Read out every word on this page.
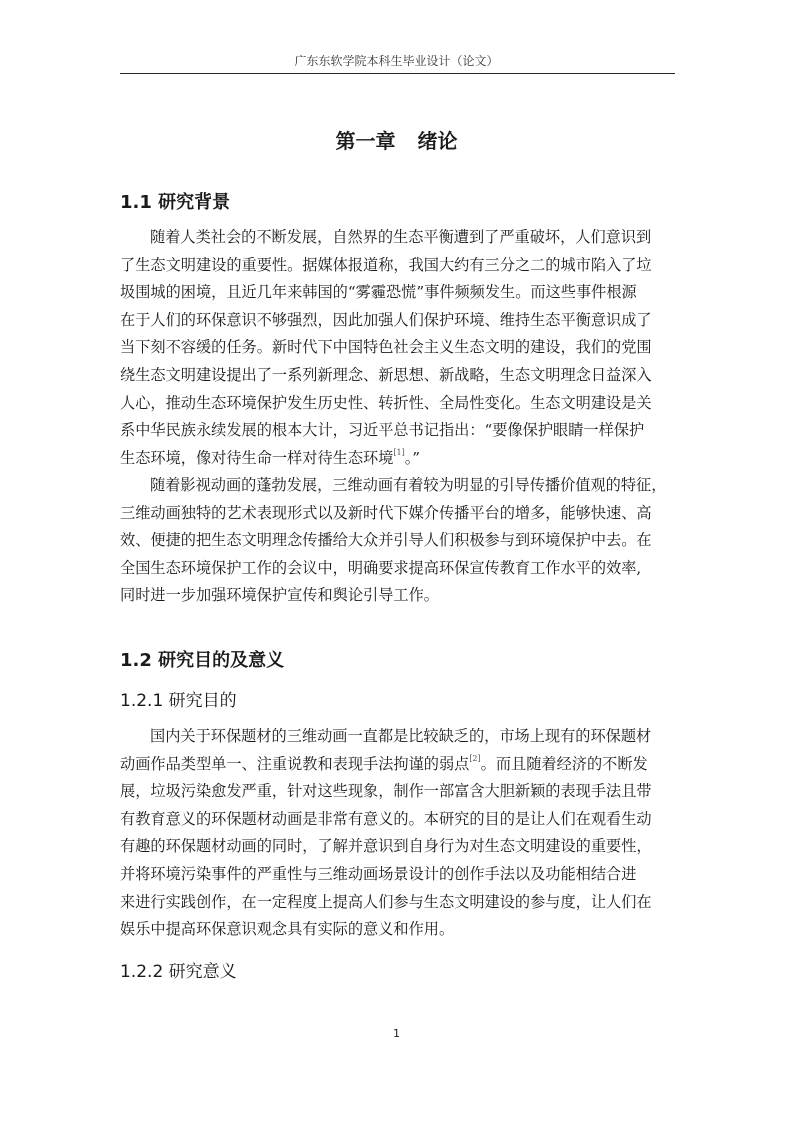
广东东软学院本科生毕业设计（论文）
第一章 绪论
1.1 研究背景

随着人类社会的不断发展，自然界的生态平衡遭到了严重破坏，人们意识到
了生态文明建设的重要性。据媒体报道称，我国大约有三分之二的城市陷入了垃
圾围城的困境，且近几年来韩国的“雾霾恐慌”事件频频发生。而这些事件根源
在于人们的环保意识不够强烈，因此加强人们保护环境、维持生态平衡意识成了
当下刻不容缓的任务。新时代下中国特色社会主义生态文明的建设，我们的党围
绕生态文明建设提出了一系列新理念、新思想、新战略，生态文明理念日益深入
人心，推动生态环境保护发生历史性、转折性、全局性变化。生态文明建设是关
系中华民族永续发展的根本大计，习近平总书记指出：“要像保护眼睛一样保护
生态环境，像对待生命一样对待生态环境[1]。”

随着影视动画的蓬勃发展，三维动画有着较为明显的引导传播价值观的特征，
三维动画独特的艺术表现形式以及新时代下媒介传播平台的增多，能够快速、高
效、便捷的把生态文明理念传播给大众并引导人们积极参与到环境保护中去。在
全国生态环境保护工作的会议中，明确要求提高环保宣传教育工作水平的效率,
同时进一步加强环境保护宣传和舆论引导工作。

1.2 研究目的及意义
1.2.1 研究目的

国内关于环保题材的三维动画一直都是比较缺乏的，市场上现有的环保题材
动画作品类型单一、注重说教和表现手法拘谨的弱点[2]。而且随着经济的不断发
展，垃圾污染愈发严重，针对这些现象，制作一部富含大胆新颖的表现手法且带
有教育意义的环保题材动画是非常有意义的。本研究的目的是让人们在观看生动
有趣的环保题材动画的同时，了解并意识到自身行为对生态文明建设的重要性，
并将环境污染事件的严重性与三维动画场景设计的创作手法以及功能相结合进
来进行实践创作，在一定程度上提高人们参与生态文明建设的参与度，让人们在
娱乐中提高环保意识观念具有实际的意义和作用。

1.2.2 研究意义
1
